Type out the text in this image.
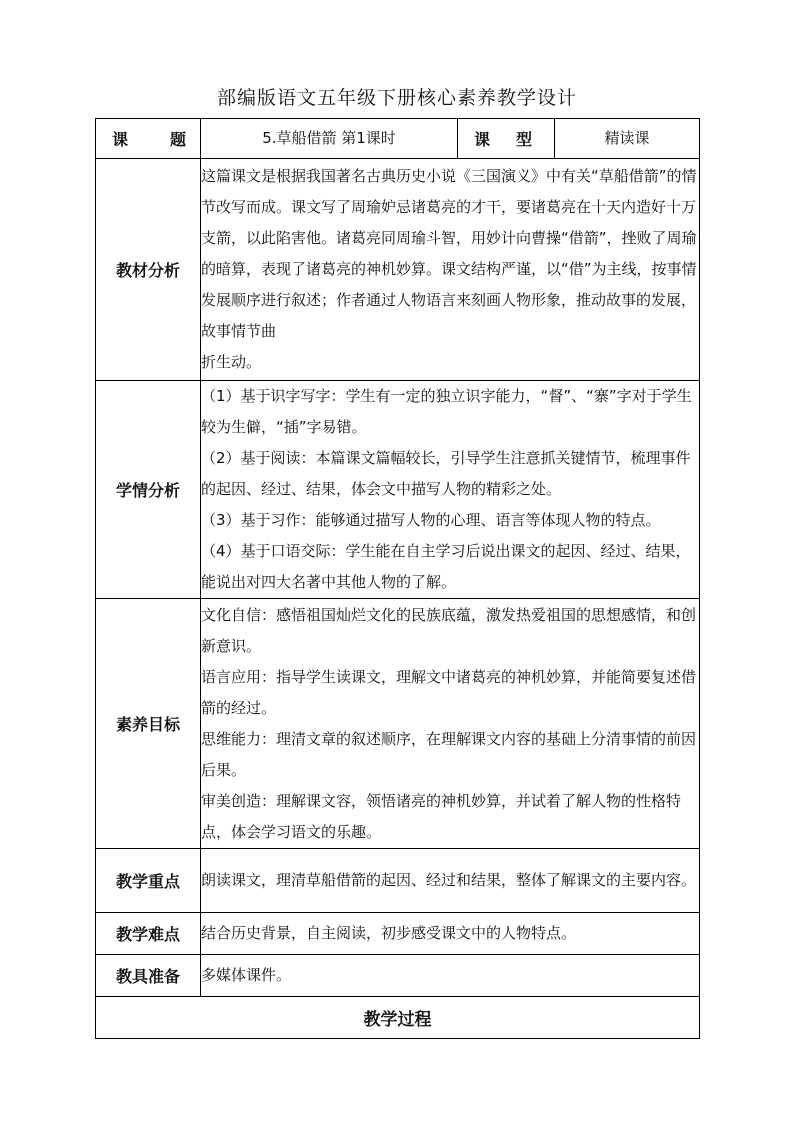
部编版语文五年级下册核心素养教学设计
课 题	5.草船借箭 第1课时	课 型	精读课
教材分析	这篇课文是根据我国著名古典历史小说《三国演义》中有关“草船借箭”的情节改写而成。课文写了周瑜妒忌诸葛亮的才干，要诸葛亮在十天内造好十万支箭，以此陷害他。诸葛亮同周瑜斗智，用妙计向曹操“借箭”，挫败了周瑜的暗算，表现了诸葛亮的神机妙算。课文结构严谨，以“借”为主线，按事情发展顺序进行叙述；作者通过人物语言来刻画人物形象，推动故事的发展，故事情节曲
折生动。		

学情分析	（1）基于识字写字：学生有一定的独立识字能力，“督”、“寨”字对于学生较为生僻，“插”字易错。
（2）基于阅读：本篇课文篇幅较长，引导学生注意抓关键情节，梳理事件的起因、经过、结果，体会文中描写人物的精彩之处。
（3）基于习作：能够通过描写人物的心理、语言等体现人物的特点。
（4）基于口语交际：学生能在自主学习后说出课文的起因、经过、结果，能说出对四大名著中其他人物的了解。		

素养目标	文化自信：感悟祖国灿烂文化的民族底蕴，激发热爱祖国的思想感情，和创新意识。
语言应用：指导学生读课文，理解文中诸葛亮的神机妙算，并能简要复述借箭的经过。
思维能力：理清文章的叙述顺序，在理解课文内容的基础上分清事情的前因后果。
审美创造：理解课文容，领悟诸亮的神机妙算，并试着了解人物的性格特点，体会学习语文的乐趣。		

教学重点	朗读课文，理清草船借箭的起因、经过和结果，整体了解课文的主要内容。		
教学难点	结合历史背景，自主阅读，初步感受课文中的人物特点。		
教具准备	多媒体课件。		
教学过程			
